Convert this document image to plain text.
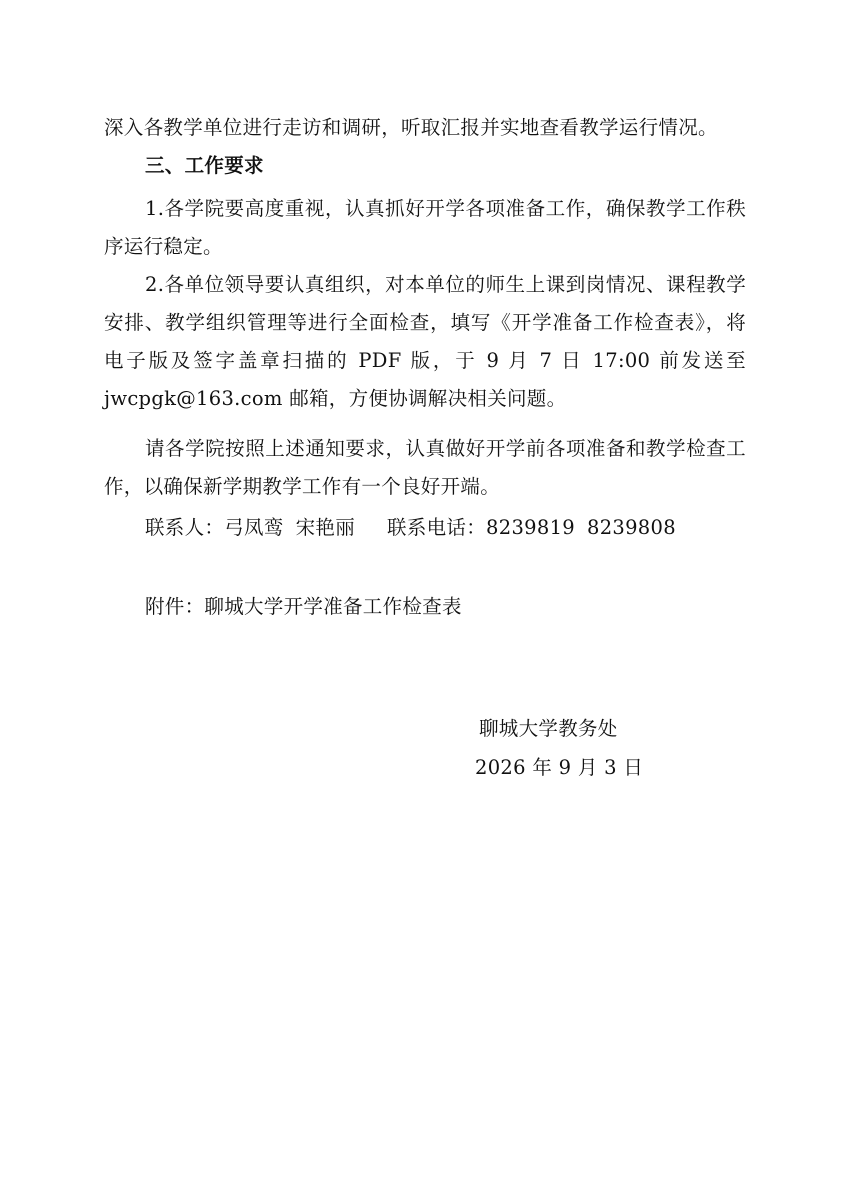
深入各教学单位进行走访和调研，听取汇报并实地查看教学运行情况。
三、工作要求
1.各学院要高度重视，认真抓好开学各项准备工作，确保教学工作秩序运行稳定。
2.各单位领导要认真组织，对本单位的师生上课到岗情况、课程教学安排、教学组织管理等进行全面检查，填写《开学准备工作检查表》，将电子版及签字盖章扫描的 PDF 版，于 9 月 7 日 17:00 前发送至 jwcpgk@163.com 邮箱，方便协调解决相关问题。
请各学院按照上述通知要求，认真做好开学前各项准备和教学检查工作，以确保新学期教学工作有一个良好开端。
联系人：弓凤鸾 宋艳丽 联系电话：8239819 8239808
附件：聊城大学开学准备工作检查表
聊城大学教务处
2026 年 9 月 3 日
